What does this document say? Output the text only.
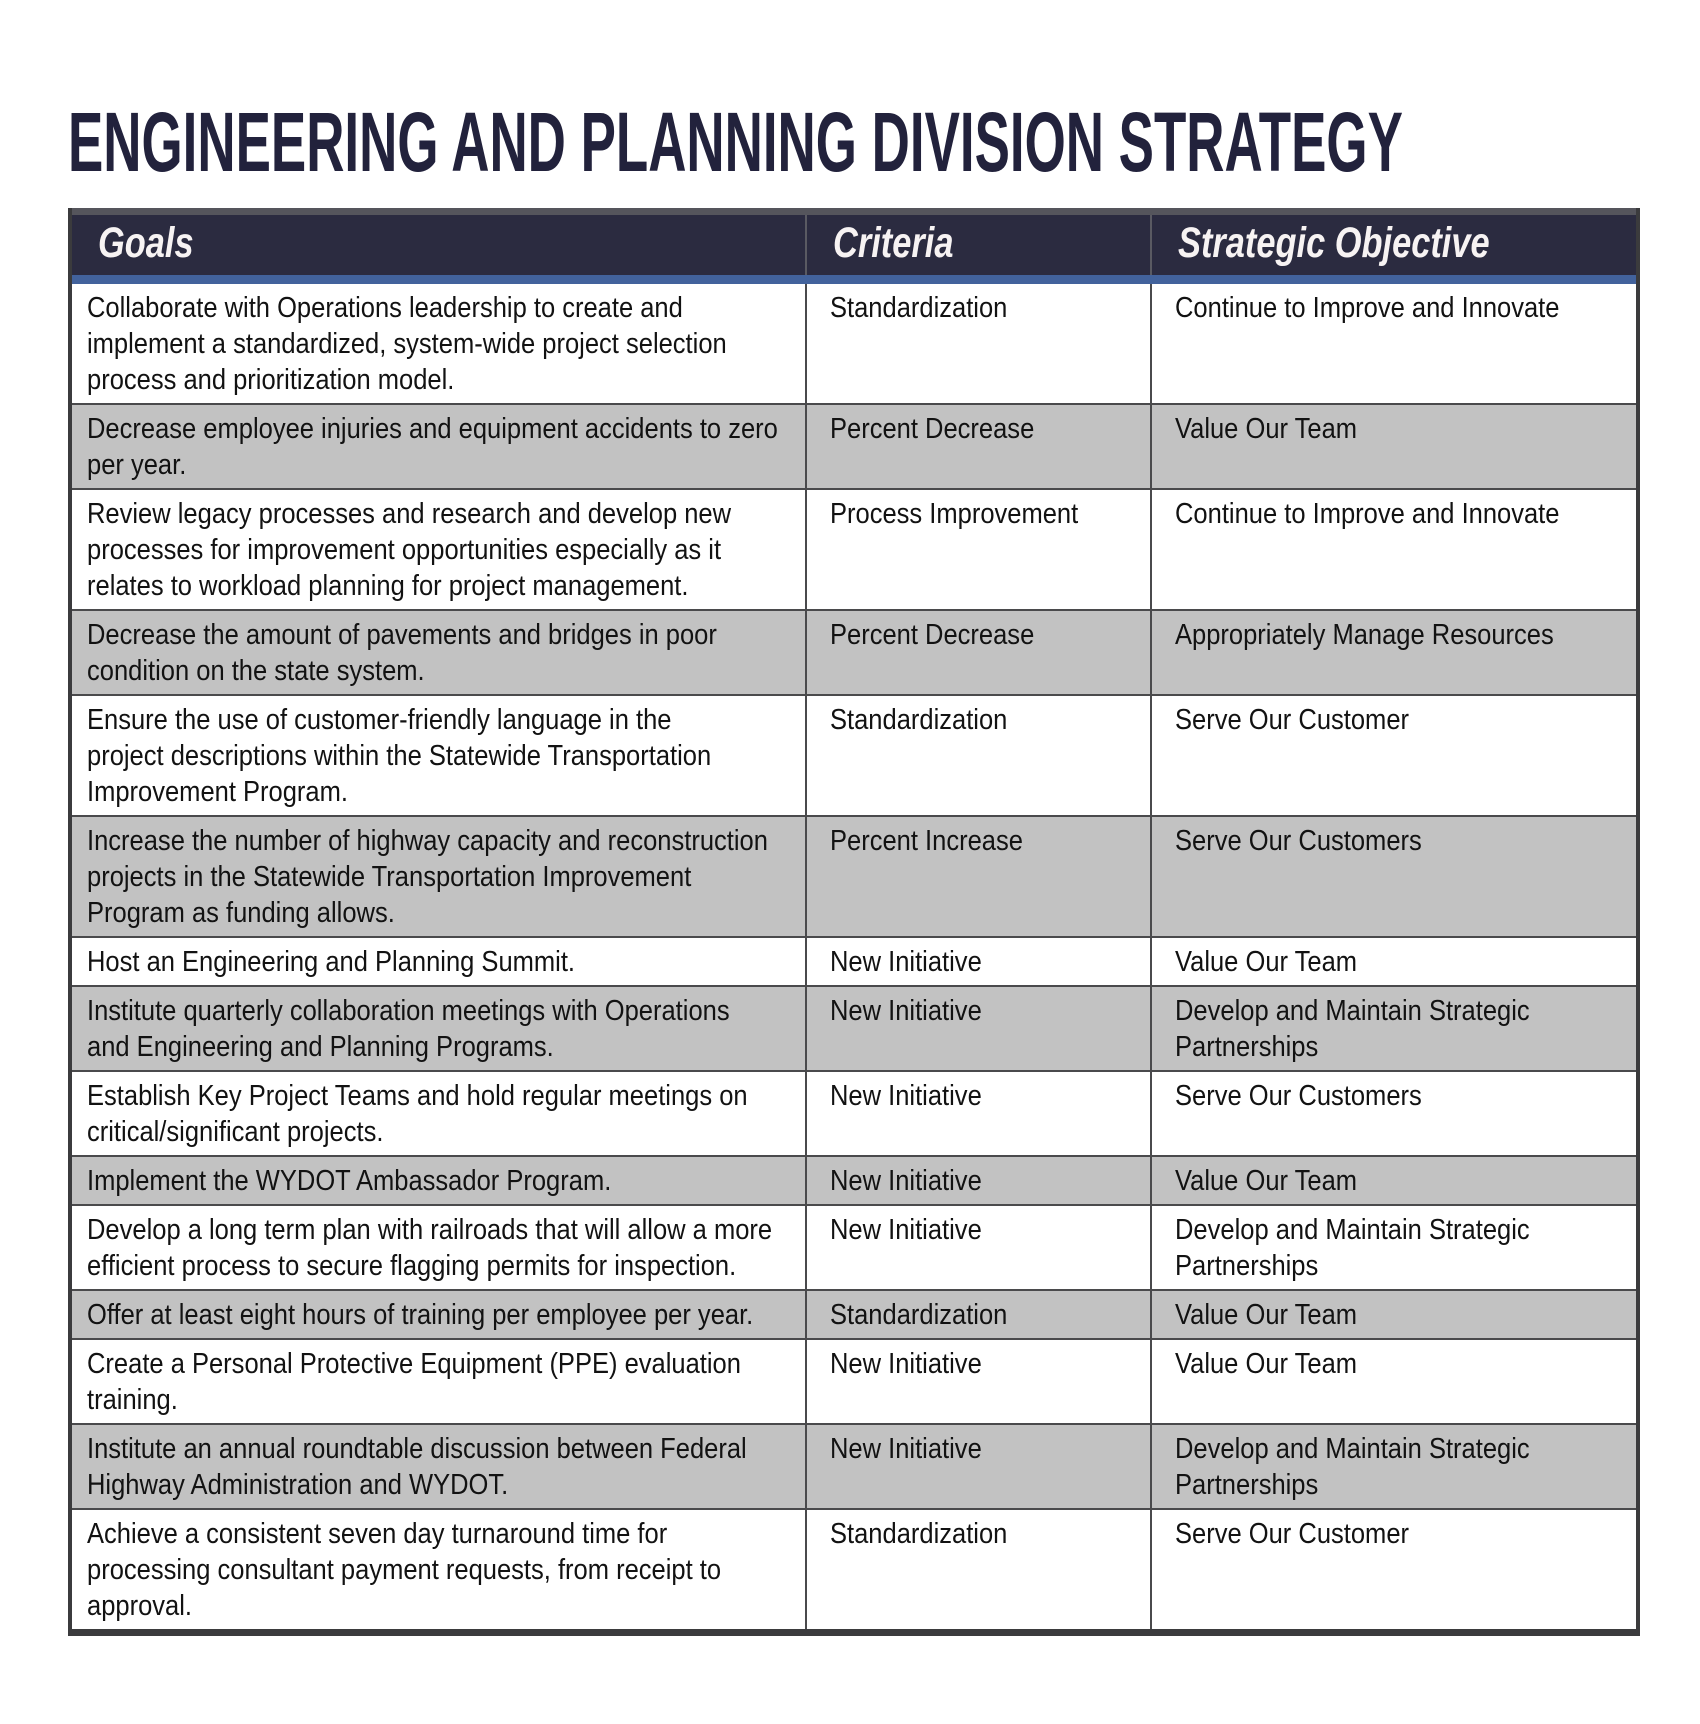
ENGINEERING AND PLANNING DIVISION STRATEGY
Goals	Criteria	Strategic Objective
Collaborate with Operations leadership to create and
implement a standardized, system-wide project selection
process and prioritization model.
Standardization	Continue to Improve and Innovate
Decrease employee injuries and equipment accidents to zero
per year.
Percent Decrease	Value Our Team
Review legacy processes and research and develop new
processes for improvement opportunities especially as it
relates to workload planning for project management.
Process Improvement	Continue to Improve and Innovate
Decrease the amount of pavements and bridges in poor
condition on the state system.
Percent Decrease	Appropriately Manage Resources
Ensure the use of customer-friendly language in the
project descriptions within the Statewide Transportation
Improvement Program.
Standardization	Serve Our Customer
Increase the number of highway capacity and reconstruction
projects in the Statewide Transportation Improvement
Program as funding allows.
Percent Increase	Serve Our Customers
Host an Engineering and Planning Summit.	New Initiative	Value Our Team
Institute quarterly collaboration meetings with Operations
and Engineering and Planning Programs.
New Initiative	Develop and Maintain Strategic
Partnerships
Establish Key Project Teams and hold regular meetings on
critical/significant projects.
New Initiative	Serve Our Customers
Implement the WYDOT Ambassador Program.	New Initiative	Value Our Team
Develop a long term plan with railroads that will allow a more
efficient process to secure flagging permits for inspection.
New Initiative	Develop and Maintain Strategic
Partnerships
Offer at least eight hours of training per employee per year.	Standardization	Value Our Team
Create a Personal Protective Equipment (PPE) evaluation
training.
New Initiative	Value Our Team
Institute an annual roundtable discussion between Federal
Highway Administration and WYDOT.
New Initiative	Develop and Maintain Strategic
Partnerships
Achieve a consistent seven day turnaround time for
processing consultant payment requests, from receipt to
approval.
Standardization	Serve Our Customer
